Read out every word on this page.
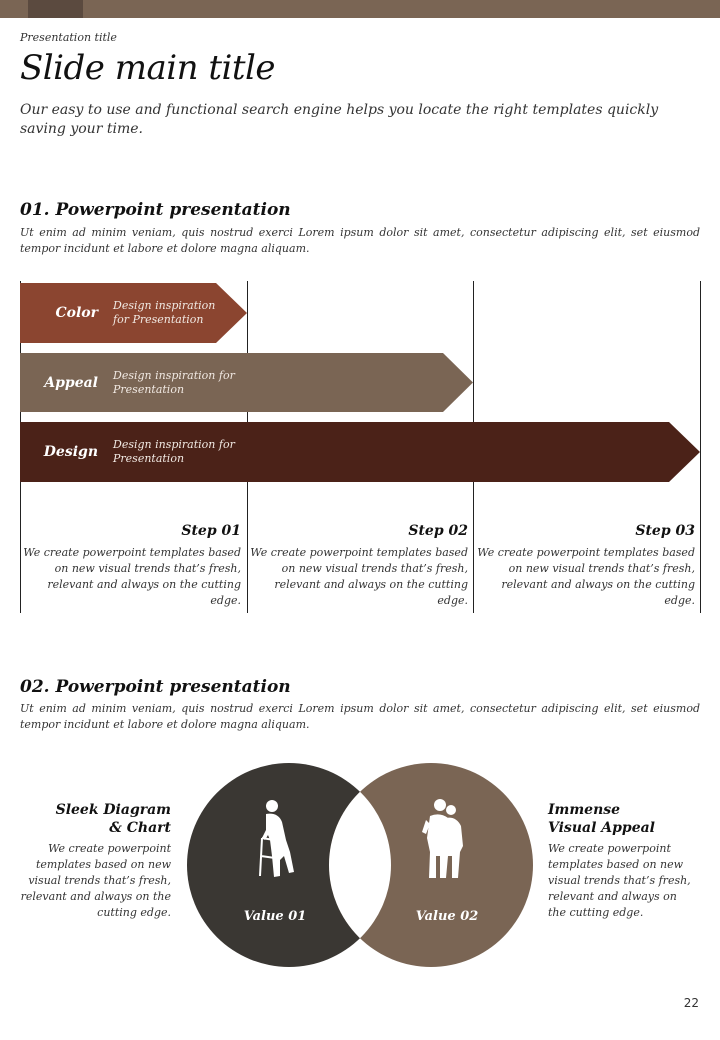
Presentation title
Slide main title
Our easy to use and functional search engine helps you locate the right templates quickly saving your time.
01. Powerpoint presentation
Ut enim ad minim veniam, quis nostrud exerci Lorem ipsum dolor sit amet, consectetur adipiscing elit, set eiusmod tempor incidunt et labore et dolore magna aliquam.
Color Design inspiration
for Presentation
Appeal Design inspiration for
Presentation
Design Design inspiration for
Presentation
Step 01
We create powerpoint templates based on new visual trends that’s fresh, relevant and always on the cutting edge.
Step 02
We create powerpoint templates based on new visual trends that’s fresh, relevant and always on the cutting edge.
Step 03
We create powerpoint templates based on new visual trends that’s fresh, relevant and always on the cutting edge.
02. Powerpoint presentation
Ut enim ad minim veniam, quis nostrud exerci Lorem ipsum dolor sit amet, consectetur adipiscing elit, set eiusmod tempor incidunt et labore et dolore magna aliquam.
Sleek Diagram
& Chart
We create powerpoint templates based on new visual trends that’s fresh, relevant and always on the cutting edge.
Immense
Visual Appeal
We create powerpoint templates based on new visual trends that’s fresh, relevant and always on the cutting edge.
Value 01	Value 02
22
